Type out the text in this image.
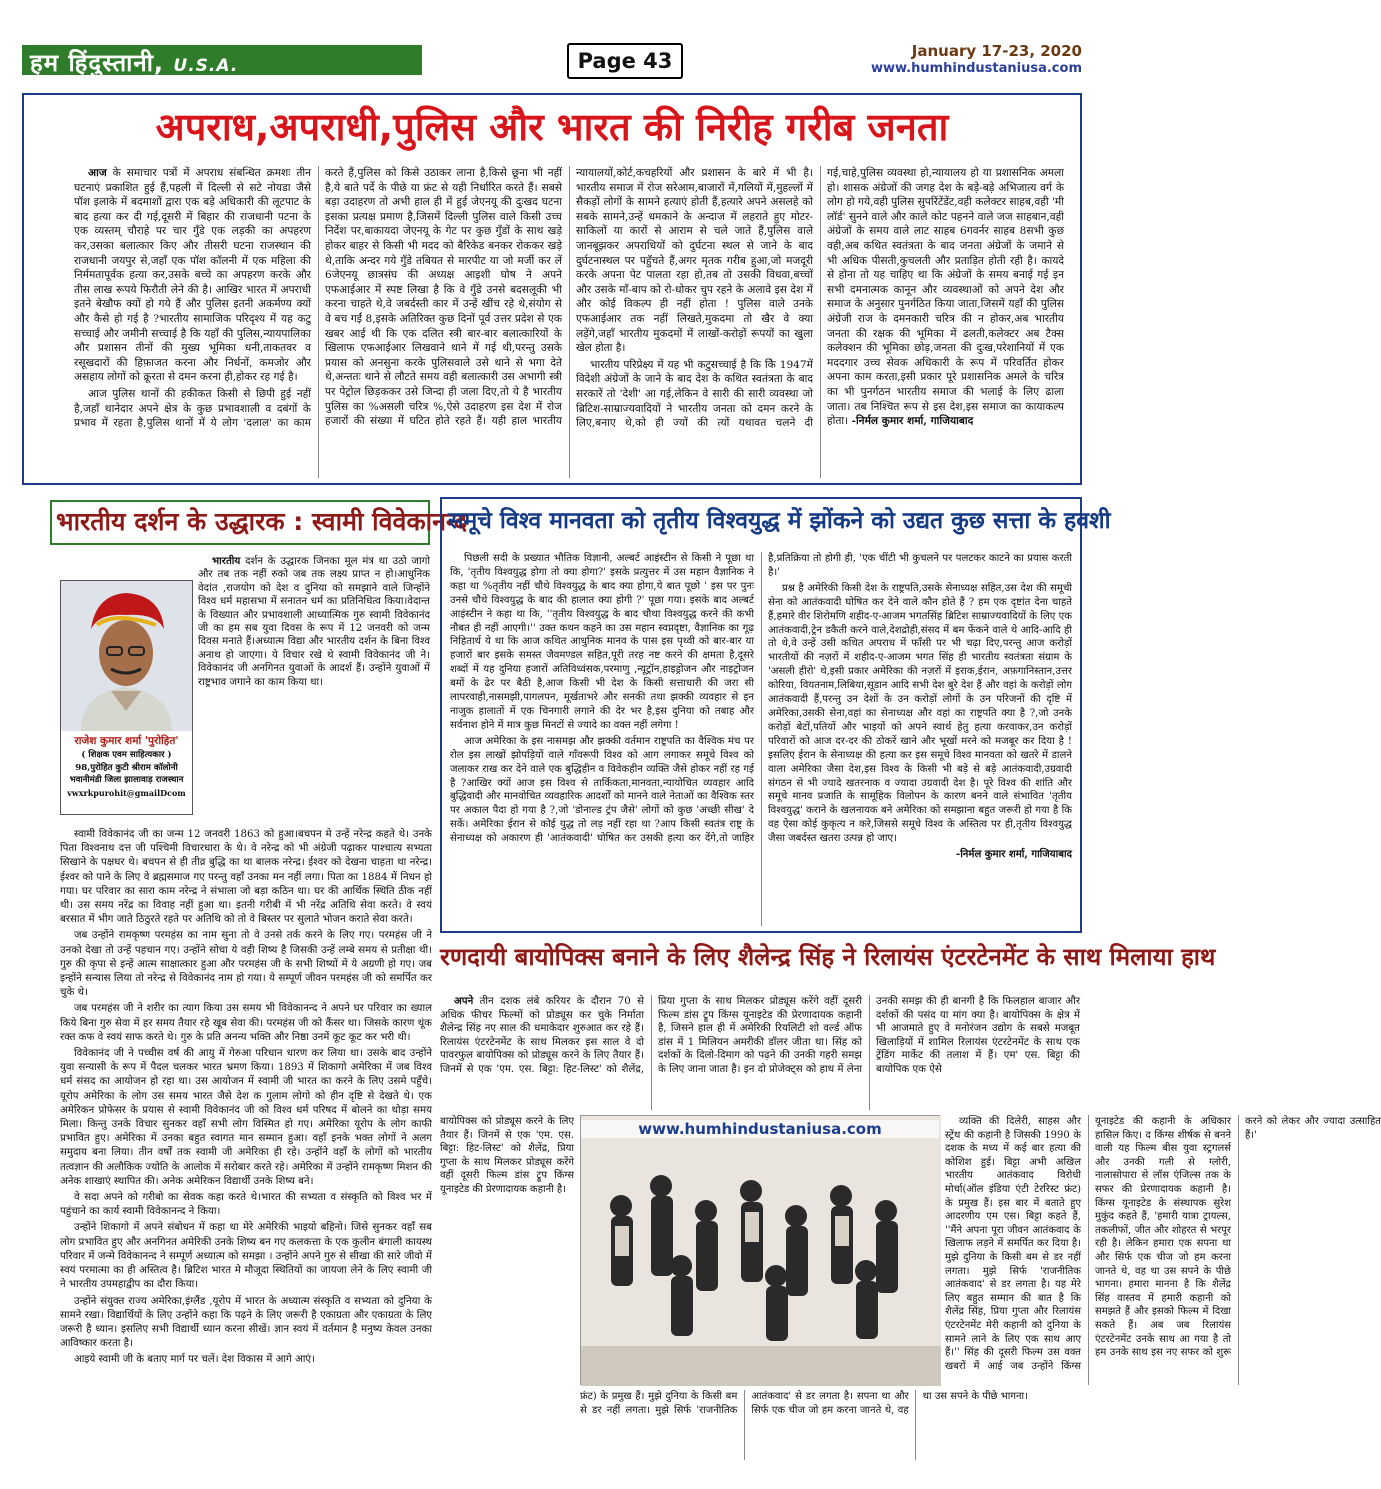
हम हिंदुस्तानी, U.S.A.	Page 43	January 17-23, 2020
www.humhindustaniusa.com
अपराध,अपराधी,पुलिस और भारत की निरीह गरीब जनता

आज के समाचार पत्रों में अपराध संबन्धित क्रमशः तीन घटनाएं प्रकाशित हुई हैं,पहली में दिल्ली से सटे नोयडा जैसे पॉश इलाके में बदमाशों द्वारा एक बड़े अधिकारी की लूटपाट के बाद हत्या कर दी गई,दूसरी में बिहार की राजधानी पटना के एक व्यस्तम् चौराहे पर चार गुँडे एक लड़की का अपहरण कर,उसका बलात्कार किए और तीसरी घटना राजस्थान की राजधानी जयपुर से,जहाँ एक पॉश कॉलनी में एक महिला की निर्ममतापूर्वक हत्या कर,उसके बच्चे का अपहरण करके और तीस लाख रूपये फिरौती लेने की है। आखिर भारत में अपराधी इतने बेखौफ क्यों हो गये हैं और पुलिस इतनी अकर्मण्य क्यों और कैसे हो गई है ?भारतीय सामाजिक परिदृश्य में यह कटु सच्चाई और जमीनी सच्चाई है कि यहाँ की पुलिस,न्यायपालिका और प्रशासन तीनों की मुख्य भूमिका धनी,ताकतवर व रसूखदारों की हिफ़ाजत करना और निर्धनों, कमजोर और असहाय लोगों को क्रूरता से दमन करना ही,होकर रह गई है।

आज पुलिस थानों की हकीकत किसी से छिपी हुई नहीं है,जहाँ थानेदार अपने क्षेत्र के कुछ प्रभावशाली व दबंगों के प्रभाव में रहता है,पुलिस थानों में ये लोग 'दलाल' का काम करते हैं,पुलिस को किसे उठाकर लाना है,किसे छूना भी नहीं है,ये बाते पर्दे के पीछे या फ्रंट से यही निर्धारित करते हैं। सबसे बड़ा उदाहरण तो अभी हाल ही में हुई जेएनयू की दुःखद घटना इसका प्रत्यक्ष प्रमाण है,जिसमें दिल्ली पुलिस वाले किसी उच्च निर्देश पर,बाकायदा जेएनयू के गेट पर कुछ गुँडों के साथ खड़े होकर बाहर से किसी भी मदद को बैरिकेड बनकर रोककर खड़े थे,ताकि अन्दर गये गुँडे तबियत से मारपीट या जो मर्जी कर लें 6जेएनयू छात्रसंघ की अध्यक्ष आइशी घोष ने अपने एफआईआर में स्पष्ट लिखा है कि वे गुँडे उनसे बदसलूकी भी करना चाहते थे,वे जबर्दस्ती कार में उन्हें खींच रहे थे,संयोग से वे बच गईं 8,इसके अतिरिक्त कुछ दिनों पूर्व उत्तर प्रदेश से एक खबर आई थी कि एक दलित स्त्री बार-बार बलात्कारियों के खिलाफ एफआईआर लिखवाने थाने में गई थी,परन्तु उसके प्रयास को अनसुना करके पुलिसवाले उसे थाने से भगा देते थे,अन्ततः थाने से लौटते समय वही बलात्कारी उस अभागी स्त्री पर पेट्रोल छिड़ककर उसे जिन्दा ही जला दिए,तो ये है भारतीय पुलिस का %असली चरित्र %,ऐसे उदाहरण इस देश में रोज हजारों की संख्या में घटित होते रहते हैं। यही हाल भारतीय न्यायालयों,कोर्ट,कचहरियों और प्रशासन के बारे में भी है। भारतीय समाज में रोज सरेआम,बाजारों में,गलियों में,मुहल्लों में सैकड़ों लोगों के सामने हत्याएं होती हैं,हत्यारे अपने असलहे को सबके सामने,उन्हें धमकाने के अन्दाज में लहराते हुए मोटर-साकिलों या कारों से आराम से चले जाते हैं,पुलिस वाले जानबूझकर अपराधियों को दुर्घटना स्थल से जाने के बाद दुर्घटनास्थल पर पहुँचते हैं,अगर मृतक गरीब हुआ,जो मजदूरी करके अपना पेट पालता रहा हो,तब तो उसकी विधवा,बच्चों और उसके माँ-बाप को रो-धोकर चुप रहने के अलावे इस देश में और कोई विकल्प ही नहीं होता ! पुलिस वाले उनके एफआईआर तक नहीं लिखते,मुकदमा तो खैर वे क्या लड़ेंगे,जहाँ भारतीय मुकदमों में लाखों-करोड़ों रूपयों का खुला खेल होता है।

भारतीय परिप्रेक्ष्य में यह भी कटुसच्चाई है कि किे 1947में विदेशी अंग्रेजों के जाने के बाद देश के कथित स्वतंत्रता के बाद सरकारें तो 'देशी' आ गई,लेकिन वे सारी की सारी व्यवस्था जो ब्रिटिश-साम्राज्यवादियों ने भारतीय जनता को दमन करने के लिए,बनाए थे,को ही ज्यों की त्यों यथावत चलने दी गई,चाहे,पुलिस व्यवस्था हो,न्यायालय हो या प्रशासनिक अमला हो। शासक अंग्रेजों की जगह देश के बड़े-बड़े अभिजात्य वर्ग के लोग हो गये,वही पुलिस सुपरिंटेंडेंट,वही कलेक्टर साहब,वही 'मी लॉर्ड' सुनने वाले और काले कोट पहनने वाले जज साहबान,वही अंग्रेजों के समय वाले लाट साहब 6गवर्नर साहब 8सभी कुछ वही,अब कथित स्वतंत्रता के बाद जनता अंग्रेजों के जमाने से भी अधिक पीसती,कुचलती और प्रताड़ित होती रही है। कायदे से होना तो यह चाहिए था कि अंग्रेजों के समय बनाई गई इन सभी दमनात्मक कानून और व्यवस्थाओं को अपने देश और समाज के अनुसार पुनर्गठित किया जाता,जिसमें यहाँ की पुलिस अंग्रेजी राज के दमनकारी चरित्र की न होकर,अब भारतीय जनता की रक्षक की भूमिका में ढलती,कलेक्टर अब टैक्स कलेक्शन की भूमिका छोड़,जनता की दुःख,परेशानियों में एक मददगार उच्च सेवक अधिकारी के रूप में परिवर्तित होकर अपना काम करता,इसी प्रकार पूरे प्रशासनिक अमले के चरित्र का भी पुनर्गठन भारतीय समाज की भलाई के लिए ढाला जाता। तब निश्चित रूप से इस देश,इस समाज का कायाकल्प होता। -निर्मल कुमार शर्मा, गाजियाबाद

भारतीय दर्शन के उद्धारक : स्वामी विवेकानन्द
राजेश कुमार शर्मा 'पुरोहित'
( शिक्षक एवम साहित्यकार )
98,पुरोहित कुटी श्रीराम कॉलोनी
भवानीमंडी जिला झालावाड़ राजस्थान
vwxrkpurohit@gmailDcom

भारतीय दर्शन के उद्धारक जिनका मूल मंत्र था उठो जागो और तब तक नहीं रुको जब तक लक्ष्य प्राप्त न हो।आधुनिक वेदांत ,राजयोग को देश व दुनिया को समझाने वाले जिन्होंने विश्व धर्म महासभा में सनातन धर्म का प्रतिनिधित्व किया।वेदान्त के विख्यात और प्रभावशाली आध्यात्मिक गुरु स्वामी विवेकानंद जी का हम सब युवा दिवस के रूप में 12 जनवरी को जन्म दिवस मनाते हैं।अध्यात्म विद्या और भारतीय दर्शन के बिना विश्व अनाथ हो जाएगा। ये विचार रखे थे स्वामी विवेकानंद जी ने।विवेकानंद जी अनगिनत युवाओं के आदर्श हैं। उन्होंने युवाओं में राष्ट्रभाव जगाने का काम किया था।

स्वामी विवेकानंद जी का जन्म 12 जनवरी 1863 को हुआ।बचपन मे उन्हें नरेन्द्र कहते थे। उनके पिता विश्वनाथ दत्त जी पश्चिमी विचारधारा के थे। वे नरेन्द्र को भी अंग्रेजी पढ़ाकर पाश्चात्य सभ्यता सिखाने के पक्षधर थे। बचपन से ही तीव्र बुद्धि का था बालक नरेन्द्र। ईश्वर को देखना चाहता था नरेन्द्र। ईश्वर को पाने के लिए वे ब्रह्मसमाज गए परन्तु वहाँ उनका मन नहीं लगा। पिता का 1884 में निधन हो गया। घर परिवार का सारा काम नरेन्द्र ने संभाला जो बड़ा कठिन था। घर की आर्थिक स्थिति ठीक नहीं थी। उस समय नरेंद्र का विवाह नहीं हुआ था। इतनी गरीबी में भी नरेंद्र अतिथि सेवा करते। वे स्वयं बरसात में भीग जाते ठिठुरते रहते पर अतिथि को तो वे बिस्तर पर सुलाते भोजन कराते सेवा करते।

जब उन्होंने रामकृष्ण परमहंस का नाम सुना तो वे उनसे तर्क करने के लिए गए। परमहंस जी ने उनको देखा तो उन्हें पहचान गए। उन्होंने सोचा ये वही शिष्य है जिसकी उन्हें लम्बे समय से प्रतीक्षा थी। गुरु की कृपा से इन्हें आत्म साक्षात्कार हुआ और परमहंस जी के सभी शिष्यों में ये अग्रणी हो गए। जब इन्होंने सन्यास लिया तो नरेन्द्र से विवेकानंद नाम हो गया। ये सम्पूर्ण जीवन परमहंस जी को समर्पित कर चुके थे।

जब परमहंस जी ने शरीर का त्याग किया उस समय भी विवेकानन्द ने अपने घर परिवार का ख्याल किये बिना गुरु सेवा में हर समय तैयार रहे खूब सेवा की। परमहंस जी को कैंसर था। जिसके कारण थूंक रक्त कफ वे स्वयं साफ करते थे। गुरु के प्रति अनन्य भक्ति और निष्ठा उनमें कूट कूट कर भरी थी।

विवेकानंद जी ने पच्चीस वर्ष की आयु में गेरुआ परिधान धारण कर लिया था। उसके बाद उन्होंने युवा सन्यासी के रूप में पैदल चलकर भारत भ्रमण किया। 1893 में शिकागो अमेरिका में जब विश्व धर्म संसद का आयोजन हो रहा था। उस आयोजन में स्वामी जी भारत का करने के लिए उसमे पहुँचे। यूरोप अमेरिका के लोग उस समय भारत जैसे देश क गुलाम लोगो को हीन दृष्टि से देखते थे। एक अमेरिकन प्रोफेसर के प्रयास से स्वामी विवेकानंद जी को विश्व धर्म परिषद में बोलने का थोड़ा समय मिला। किन्तु उनके विचार सुनकर वहाँ सभी लोग विस्मित हो गए। अमेरिका यूरोप के लोग काफी प्रभावित हुए। अमेरिका में उनका बहुत स्वागत मान सम्मान हुआ। वहाँ इनके भक्त लोगों ने अलग समुदाय बना लिया। तीन वर्षों तक स्वामी जी अमेरिका ही रहे। उन्होंने वहाँ के लोगों को भारतीय तत्वज्ञान की अलौकिक ज्योति के आलोक में सरोबार करते रहे। अमेरिका में उन्होंने रामकृष्ण मिशन की अनेक शाखाएं स्थापित की। अनेक अमेरिकन विद्यार्थी उनके शिष्य बने।

वे सदा अपने को गरीबो का सेवक कहा करते थे।भारत की सभ्यता व संस्कृति को विश्व भर में पहुंचाने का कार्य स्वामी विवेकानन्द ने किया।

उन्होंने शिकागो में अपने संबोधन में कहा था मेरे अमेरिकी भाइयो बहिनो। जिसे सुनकर वहाँ सब लोग प्रभावित हुए और अनगिनत अमेरिकी उनके शिष्य बन गए कलकत्ता के एक कुलीन बंगाली कायस्थ परिवार में जन्मे विवेकानन्द ने सम्पूर्ण अध्यात्म को समझा । उन्होंने अपने गुरु से सीखा की सारे जीवो में स्वयं परमात्मा का ही अस्तित्व है। ब्रिटिश भारत मे मौजूदा स्थितियों का जायजा लेने के लिए स्वामी जी ने भारतीय उपमहाद्वीप का दौरा किया।

उन्होंने संयुक्त राज्य अमेरिका,इंग्लैंड ,यूरोप में भारत के अध्यात्म संस्कृति व सभ्यता को दुनिया के सामने रखा। विद्यार्थियों के लिए उन्होंने कहा कि पढ़ने के लिए जरूरी है एकाग्रता और एकाग्रता के लिए जरूरी है ध्यान। इसलिए सभी विद्यार्थी ध्यान करना सीखें। ज्ञान स्वयं में वर्तमान है मनुष्य केवल उनका आविष्कार करता है।

आइये स्वामी जी के बताए मार्ग पर चलें। देश विकास में आगे आएं।

समूचे विश्व मानवता को तृतीय विश्वयुद्ध में झोंकने को उद्यत कुछ सत्ता के हवशी

पिछली सदी के प्रख्यात भौतिक विज्ञानी, अल्बर्ट आइंस्टीन से किसी ने पूछा था कि, 'तृतीय विश्वयुद्ध होगा तो क्या होगा?' इसके प्रत्युत्तर में उस महान वैज्ञानिक ने कहा था %तृतीय नहीं चौथे विश्वयुद्ध के बाद क्या होगा,ये बात पूछो ' इस पर पुनः उनसे चौथे विश्वयुद्ध के बाद की हालात क्या होगी ?' पूछा गया। इसके बाद अल्बर्ट आइंस्टीन ने कहा था कि, ''तृतीय विश्वयुद्ध के बाद चौथा विश्वयुद्ध करने की कभी नौबत ही नहीं आएगी।'' उक्त कथन कहने का उस महान स्वप्नदृष्टा, वैज्ञानिक का गूढ़ निहितार्थ ये था कि आज कथित आधुनिक मानव के पास इस पृथ्वी को बार-बार या हजारों बार इसके समस्त जैवमण्डल सहित,पूरी तरह नष्ट करने की क्षमता है,दूसरे शब्दों में यह दुनिया हजारों अतिविध्वंसक,परमाणु ,न्यूट्रॉन,हाइड्रोजन और नाइट्रोजन बमों के ढेर पर बैठी है,आज किसी भी देश के किसी सत्ताधारी की जरा सी लापरवाही,नासमझी,पागलपन, मूर्खताभरे और सनकी तथा झक्की व्यवहार से इन नाजुक हालातों में एक चिनगारी लगाने की देर भर है,इस दुनिया को तबाह और सर्वनाश होने में मात्र कुछ मिनटों से ज्यादे का वक्त नहीं लगेगा !

आज अमेरिका के इस नासमझ और झक्की वर्तमान राष्ट्रपति का वैश्विक मंच पर रोल इस लाखों झोपड़ियों वाले गाँवरूपी विश्व को आग लगाकर समूचे विश्व को जलाकर राख कर देने वाले एक बुद्धिहीन व विवेकहीन व्यक्ति जैसे होकर नहीं रह गई है ?आखिर क्यों आज इस विश्व से तार्किकता,मानवता,न्यायोचित व्यवहार आदि बुद्धिवादी और मानवोचित व्यवहारिक आदर्शों को मानने वाले नेताओं का वैश्विक स्तर पर अकाल पैदा हो गया है ?,जो 'डोनाल्ड ट्रंप जैसे' लोगों को कुछ 'अच्छी सीख' दे सकें। अमेरिका ईरान से कोई युद्ध तो लड़ नहीं रहा था ?आप किसी स्वतंत्र राष्ट्र के सेनाध्यक्ष को अकारण ही 'आतंकवादी' घोषित कर उसकी हत्या कर देंगे,तो जाहिर है,प्रतिक्रिया तो होगी ही, 'एक चींटी भी कुचलने पर पलटकर काटने का प्रयास करती है।'

प्रश्न है अमेरिकी किसी देश के राष्ट्रपति,उसके सेनाध्यक्ष सहित,उस देश की समूची सेना को आतंकवादी घोषित कर देने वाले कौन होते हैं ? हम एक दृष्टांत देना चाहते हैं,हमारे वीर शिरोमणि शहीद-ए-आजम भगतसिंह ब्रिटिश साम्राज्यवादियों के लिए एक आतंकवादी,ट्रेन डकैती करने वाले,देशद्रोही,संसद में बम फेंकने वाले थे आदि-आदि ही तो थे,वे उन्हें उसी कथित अपराध में फाँसी पर भी चढ़ा दिए,परन्तु आज करोड़ों भारतीयों की नज़रों में शहीद-ए-आजम भगत सिंह ही भारतीय स्वतंत्रता संग्राम के 'असली हीरो' थे,इसी प्रकार अमेरिका की नज़रों में इराक,ईरान, अफ़गानिस्तान,उत्तर कोरिया, वियतनाम,लिबिया,सूडान आदि सभी देश बुरे देश हैं और वहां के करोड़ों लोग आतंकवादी हैं,परन्तु उन देशों के उन करोड़ों लोगों के उन परिजनों की दृष्टि में अमेरिका,उसकी सेना,वहां का सेनाध्यक्ष और वहां का राष्ट्रपति क्या है ?,जो उनके करोड़ों बेटों,पतियों और भाइयों को अपने स्वार्थ हेतु हत्या करवाकर,उन करोड़ों परिवारों को आज दर-दर की ठोकरें खाने और भूखों मरने को मजबूर कर दिया है ! इसलिए ईरान के सेनाध्यक्ष की हत्या कर इस समूचे विश्व मानवता को खतरे में डालने वाला अमेरिका जैसा देश,इस विश्व के किसी भी बड़े से बड़े आतंकवादी,उग्रवादी संगठन से भी ज्यादे खतरनाक व ज्यादा उग्रवादी देश है। पूरे विश्व की शांति और समूचे मानव प्रजाति के सामूहिक विलोपन के कारण बनने वाले संभावित 'तृतीय विश्वयुद्ध' कराने के खलनायक बने अमेरिका को समझाना बहुत जरूरी हो गया है कि वह ऐसा कोई कुकृत्य न करे,जिससे समूचे विश्व के अस्तित्व पर ही,तृतीय विश्वयुद्ध जैसा जबर्दस्त खतरा उत्पन्न हो जाए।

-निर्मल कुमार शर्मा, गाजियाबाद
रणदायी बायोपिक्स बनाने के लिए शैलेन्द्र सिंह ने रिलायंस एंटरटेनमेंट के साथ मिलाया हाथ

अपने तीन दशक लंबे करियर के दौरान 70 से अधिक फीचर फिल्मों को प्रोड्यूस कर चुके निर्माता शैलेन्द्र सिंह नए साल की धमाकेदार शुरुआत कर रहे हैं। रिलायंस एंटरटेनमेंट के साथ मिलकर इस साल वे दो पावरफुल बायोपिक्स को प्रोड्यूस करने के लिए तैयार हैं। जिनमें से एक 'एम. एस. बिट्टा: हिट-लिस्ट' को शैलेंद्र, प्रिया गुप्ता के साथ मिलकर प्रोड्यूस करेंगे वहीं दूसरी फिल्म डांस ट्रूप किंग्स यूनाइटेड की प्रेरणादायक कहानी है, जिसने हाल ही में अमेरिकी रियलिटी शो वर्ल्ड ऑफ डांस में 1 मिलियन अमरीकी डॉलर जीता था। सिंह को दर्शकों के दिलो-दिमाग को पढ़ने की उनकी गहरी समझ के लिए जाना जाता है। इन दो प्रोजेक्ट्स को हाथ में लेना उनकी समझ की ही बानगी है कि फिलहाल बाजार और दर्शकों की पसंद या मांग क्या है। बायोपिक्स के क्षेत्र में भी आजमाते हुए वे मनोरंजन उद्योग के सबसे मजबूत खिलाड़ियों में शामिल रिलायंस एंटरटेनमेंट के साथ एक ट्रेंडिंग मार्केट की तलाश में हैं। एम' एस. बिट्टा की बायोपिक एक ऐसे

www.humhindustaniusa.com

बायोपिक्स को प्रोड्यूस करने के लिए तैयार हैं। जिनमें से एक 'एम. एस. बिट्टा: हिट-लिस्ट' को शैलेंद्र, प्रिया गुप्ता के साथ मिलकर प्रोड्यूस करेंगे वहीं दूसरी फिल्म डांस ट्रूप किंग्स यूनाइटेड की प्रेरणादायक कहानी है।

व्यक्ति की दिलेरी, साहस और स्ट्रेंथ की कहानी है जिसकी 1990 के दशक के मध्य में कई बार हत्या की कोशिश हुई। बिट्टा अभी अखिल भारतीय आतंकवाद विरोधी मोर्चा(ऑल इंडिया एंटी टेररिस्ट फ्रंट) के प्रमुख हैं। इस बार में बताते हुए आदरणीय एम एस। बिट्टा कहते हैं, ''मैंने अपना पूरा जीवन आतंकवाद के खिलाफ लड़ने में समर्पित कर दिया है। मुझे दुनिया के किसी बम से डर नहीं लगता। मुझे सिर्फ 'राजनीतिक आतंकवाद' से डर लगता है। यह मेरे लिए बहुत सम्मान की बात है कि शैलेंद्र सिंह, प्रिया गुप्ता और रिलायंस एंटरटेनमेंट मेरी कहानी को दुनिया के सामने लाने के लिए एक साथ आए हैं।'' सिंह की दूसरी फिल्म उस वक्त खबरों में आई जब उन्होंने किंग्स यूनाइटेड की कहानी के अधिकार हासिल किए। द किंग्स शीर्षक से बनने वाली यह फिल्म बीस युवा स्ट्रगलर्स और उनकी गली से ग्लोरी, नालासोपारा से लॉस एंजिल्स तक के सफर की प्रेरणादायक कहानी है। किंग्स यूनाइटेड के संस्थापक सुरेश मुकुंद कहते हैं, 'हमारी यात्रा ट्रायल्स, तकलीफों, जीत और शोहरत से भरपूर रही है। लेकिन हमारा एक सपना था और सिर्फ एक चीज जो हम करना जानते थे, वह था उस सपने के पीछे भागना। हमारा मानना है कि शैलेंद्र सिंह वास्तव में हमारी कहानी को समझते हैं और इसको फिल्म में दिखा सकते हैं। अब जब रिलायंस एंटरटेनमेंट उनके साथ आ गया है तो हम उनके साथ इस नए सफर को शुरू करने को लेकर और ज्यादा उत्साहित हैं।'

फ्रंट) के प्रमुख हैं। मुझे दुनिया के किसी बम से डर नहीं लगता। मुझे सिर्फ 'राजनीतिक आतंकवाद' से डर लगता है। सपना था और सिर्फ एक चीज जो हम करना जानते थे, वह था उस सपने के पीछे भागना।
